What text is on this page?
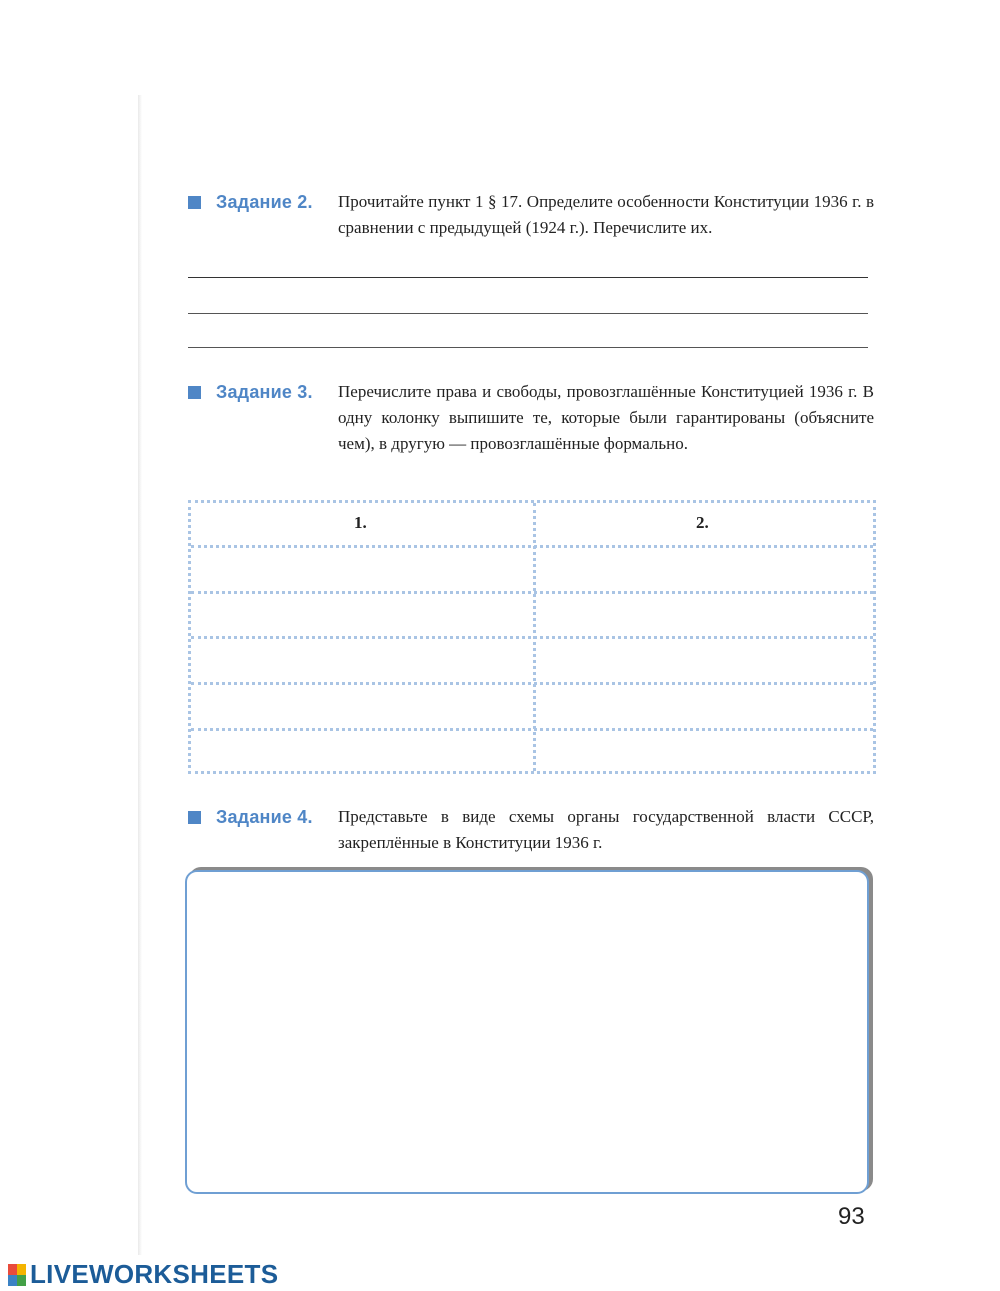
Задание 2. Прочитайте пункт 1 § 17. Определите особенности Конституции 1936 г. в сравнении с предыдущей (1924 г.). Перечислите их.
Задание 3. Перечислите права и свободы, провозглашённые Конституцией 1936 г. В одну колонку выпишите те, которые были гарантированы (объясните чем), в другую — провозглашённые формально.
1.	2.
Задание 4. Представьте в виде схемы органы государственной власти СССР, закреплённые в Конституции 1936 г.
93
LIVEWORKSHEETS
